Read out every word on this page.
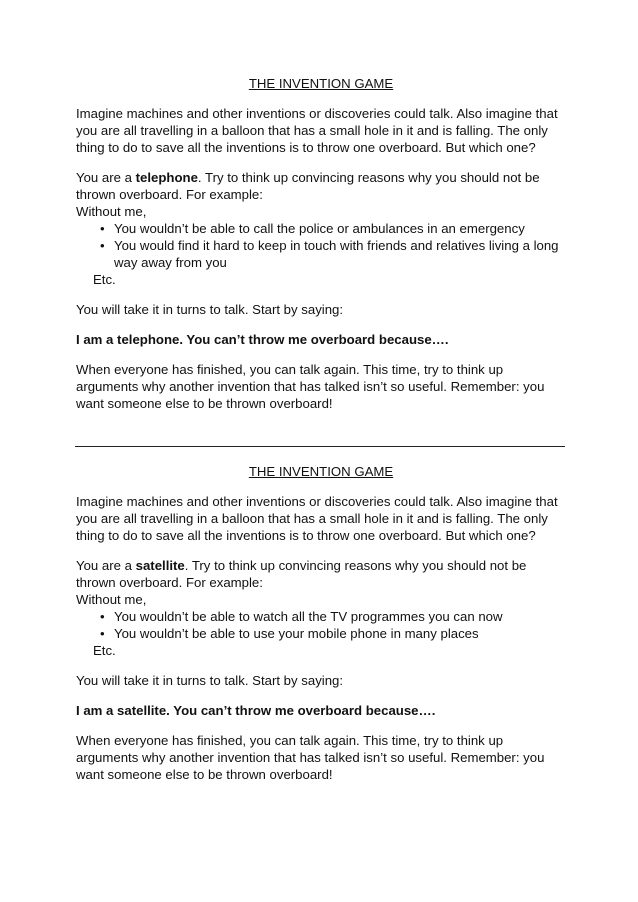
THE INVENTION GAME

Imagine machines and other inventions or discoveries could talk. Also imagine that you are all travelling in a balloon that has a small hole in it and is falling. The only thing to do to save all the inventions is to throw one overboard. But which one?

You are a telephone. Try to think up convincing reasons why you should not be thrown overboard. For example:

Without me,
• You wouldn’t be able to call the police or ambulances in an emergency
• You would find it hard to keep in touch with friends and relatives living a long way away from you
Etc.

You will take it in turns to talk. Start by saying:

I am a telephone. You can’t throw me overboard because….

When everyone has finished, you can talk again. This time, try to think up arguments why another invention that has talked isn’t so useful. Remember: you want someone else to be thrown overboard!

THE INVENTION GAME

Imagine machines and other inventions or discoveries could talk. Also imagine that you are all travelling in a balloon that has a small hole in it and is falling. The only thing to do to save all the inventions is to throw one overboard. But which one?

You are a satellite. Try to think up convincing reasons why you should not be thrown overboard. For example:

Without me,
• You wouldn’t be able to watch all the TV programmes you can now
• You wouldn’t be able to use your mobile phone in many places
Etc.

You will take it in turns to talk. Start by saying:

I am a satellite. You can’t throw me overboard because….

When everyone has finished, you can talk again. This time, try to think up arguments why another invention that has talked isn’t so useful. Remember: you want someone else to be thrown overboard!
